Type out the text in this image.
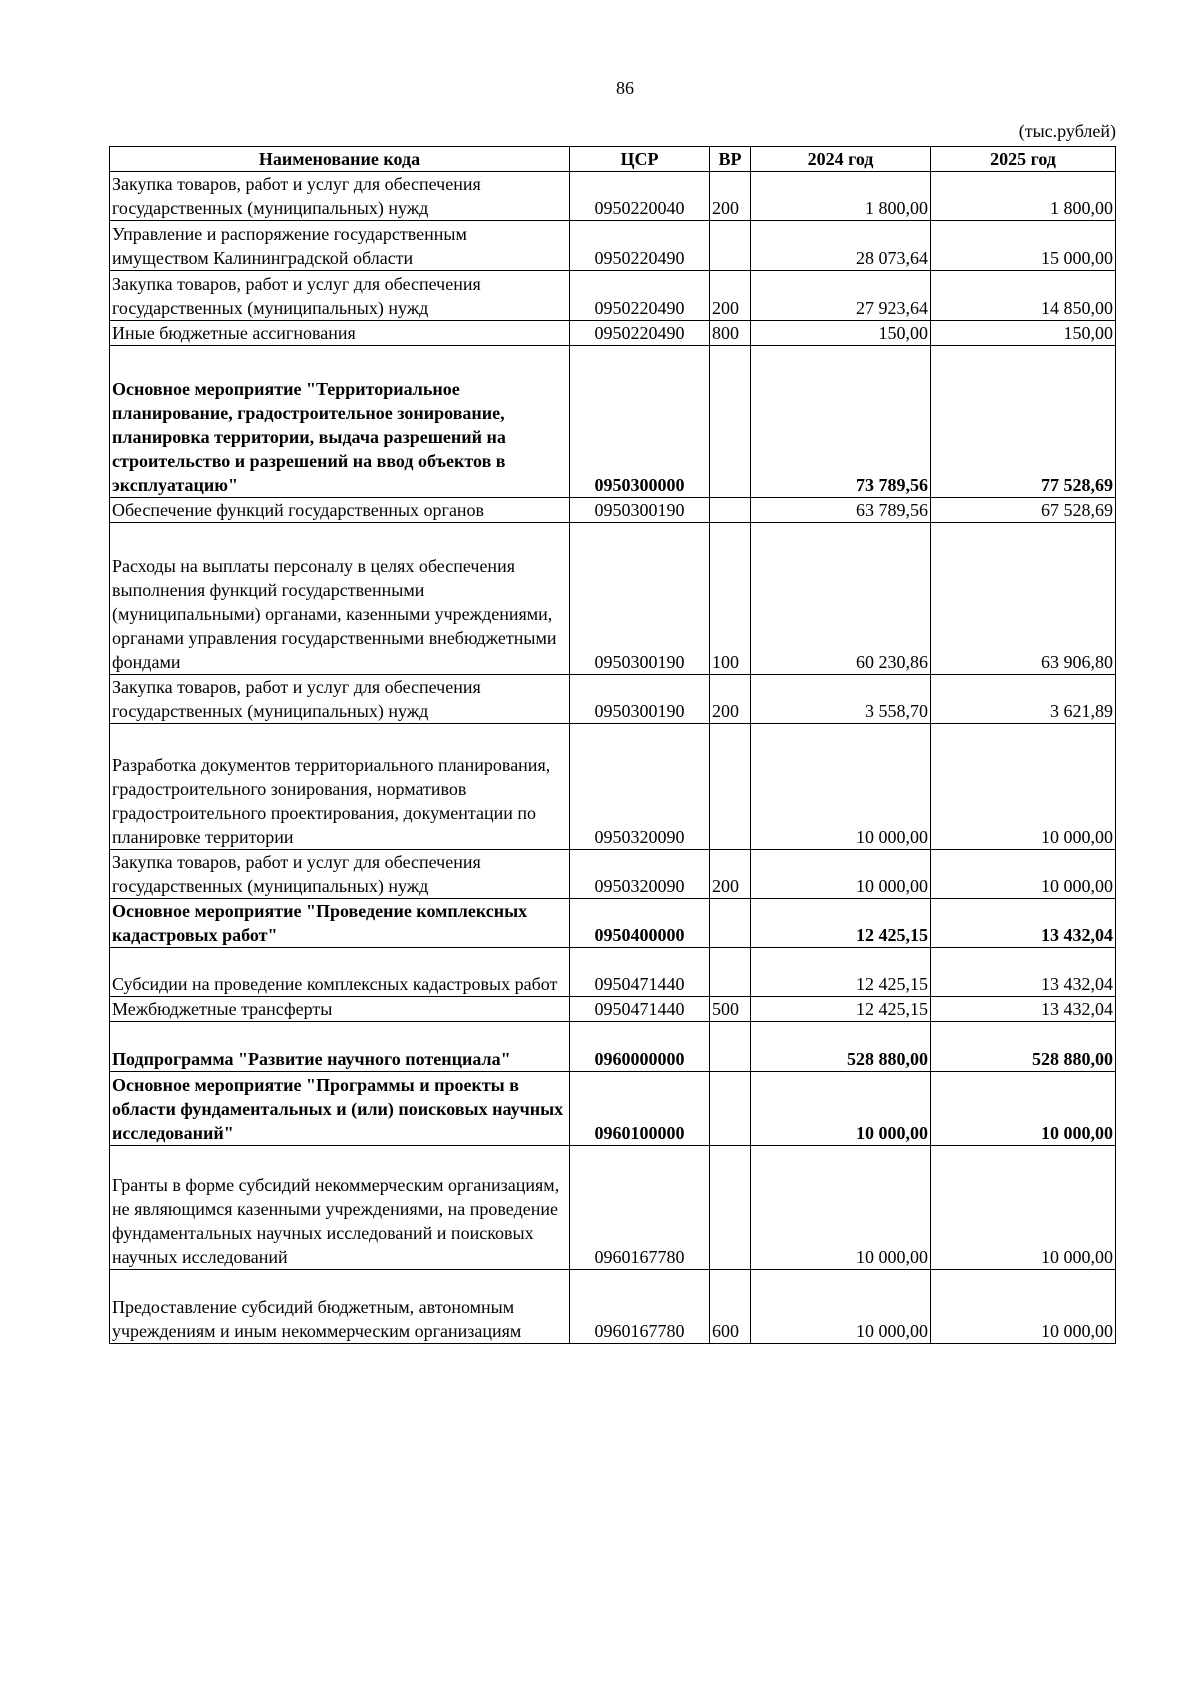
86
(тыс.рублей)
Наименование кода	ЦСР	ВР	2024 год	2025 год
Закупка товаров, работ и услуг для обеспечения государственных (муниципальных) нужд	0950220040	200	1 800,00	1 800,00
Управление и распоряжение государственным имуществом Калининградской области	0950220490		28 073,64	15 000,00
Закупка товаров, работ и услуг для обеспечения государственных (муниципальных) нужд	0950220490	200	27 923,64	14 850,00
Иные бюджетные ассигнования	0950220490	800	150,00	150,00
Основное мероприятие "Территориальное планирование, градостроительное зонирование, планировка территории, выдача разрешений на строительство и разрешений на ввод объектов в эксплуатацию"	0950300000		73 789,56	77 528,69
Обеспечение функций государственных органов	0950300190		63 789,56	67 528,69
Расходы на выплаты персоналу в целях обеспечения выполнения функций государственными (муниципальными) органами, казенными учреждениями, органами управления государственными внебюджетными фондами	0950300190	100	60 230,86	63 906,80
Закупка товаров, работ и услуг для обеспечения государственных (муниципальных) нужд	0950300190	200	3 558,70	3 621,89
Разработка документов территориального планирования, градостроительного зонирования, нормативов градостроительного проектирования, документации по планировке территории	0950320090		10 000,00	10 000,00
Закупка товаров, работ и услуг для обеспечения государственных (муниципальных) нужд	0950320090	200	10 000,00	10 000,00
Основное мероприятие "Проведение комплексных кадастровых работ"	0950400000		12 425,15	13 432,04
Субсидии на проведение комплексных кадастровых работ	0950471440		12 425,15	13 432,04
Межбюджетные трансферты	0950471440	500	12 425,15	13 432,04
Подпрограмма "Развитие научного потенциала"	0960000000		528 880,00	528 880,00
Основное мероприятие "Программы и проекты в области фундаментальных и (или) поисковых научных исследований"	0960100000		10 000,00	10 000,00
Гранты в форме субсидий некоммерческим организациям, не являющимся казенными учреждениями, на проведение фундаментальных научных исследований и поисковых научных исследований	0960167780		10 000,00	10 000,00
Предоставление субсидий бюджетным, автономным учреждениям и иным некоммерческим организациям	0960167780	600	10 000,00	10 000,00
